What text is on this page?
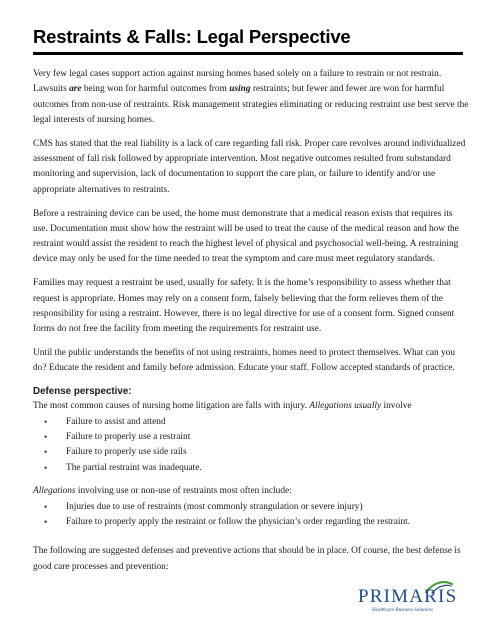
Restraints & Falls: Legal Perspective

Very few legal cases support action against nursing homes based solely on a failure to restrain or not restrain. Lawsuits are being won for harmful outcomes from using restraints; but fewer and fewer are won for harmful outcomes from non-use of restraints. Risk management strategies eliminating or reducing restraint use best serve the legal interests of nursing homes.

CMS has stated that the real liability is a lack of care regarding fall risk. Proper care revolves around individualized assessment of fall risk followed by appropriate intervention. Most negative outcomes resulted from substandard monitoring and supervision, lack of documentation to support the care plan, or failure to identify and/or use appropriate alternatives to restraints.

Before a restraining device can be used, the home must demonstrate that a medical reason exists that requires its use. Documentation must show how the restraint will be used to treat the cause of the medical reason and how the restraint would assist the resident to reach the highest level of physical and psychosocial well-being. A restraining device may only be used for the time needed to treat the symptom and care must meet regulatory standards.

Families may request a restraint be used, usually for safety. It is the home’s responsibility to assess whether that request is appropriate. Homes may rely on a consent form, falsely believing that the form relieves them of the responsibility for using a restraint. However, there is no legal directive for use of a consent form. Signed consent forms do not free the facility from meeting the requirements for restraint use.

Until the public understands the benefits of not using restraints, homes need to protect themselves. What can you do? Educate the resident and family before admission. Educate your staff. Follow accepted standards of practice.

Defense perspective:

The most common causes of nursing home litigation are falls with injury. Allegations usually involve

• Failure to assist and attend
• Failure to properly use a restraint
• Failure to properly use side rails
• The partial restraint was inadequate.

Allegations involving use or non-use of restraints most often include:

• Injuries due to use of restraints (most commonly strangulation or severe injury)
• Failure to properly apply the restraint or follow the physician’s order regarding the restraint.

The following are suggested defenses and preventive actions that should be in place. Of course, the best defense is good care processes and prevention:

PRIMARIS
Healthcare Business Solutions
